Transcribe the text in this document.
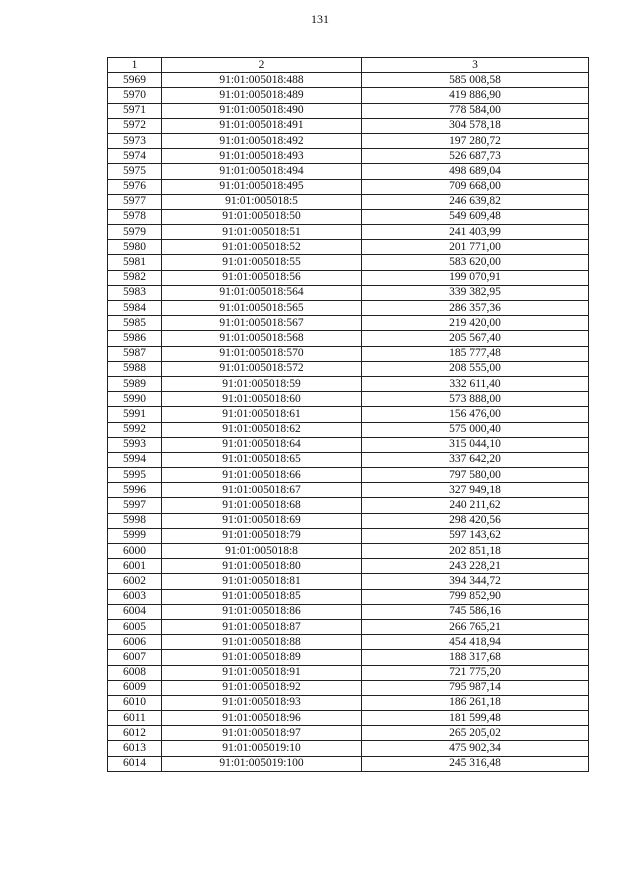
131
1	2	3
5969	91:01:005018:488	585 008,58
5970	91:01:005018:489	419 886,90
5971	91:01:005018:490	778 584,00
5972	91:01:005018:491	304 578,18
5973	91:01:005018:492	197 280,72
5974	91:01:005018:493	526 687,73
5975	91:01:005018:494	498 689,04
5976	91:01:005018:495	709 668,00
5977	91:01:005018:5	246 639,82
5978	91:01:005018:50	549 609,48
5979	91:01:005018:51	241 403,99
5980	91:01:005018:52	201 771,00
5981	91:01:005018:55	583 620,00
5982	91:01:005018:56	199 070,91
5983	91:01:005018:564	339 382,95
5984	91:01:005018:565	286 357,36
5985	91:01:005018:567	219 420,00
5986	91:01:005018:568	205 567,40
5987	91:01:005018:570	185 777,48
5988	91:01:005018:572	208 555,00
5989	91:01:005018:59	332 611,40
5990	91:01:005018:60	573 888,00
5991	91:01:005018:61	156 476,00
5992	91:01:005018:62	575 000,40
5993	91:01:005018:64	315 044,10
5994	91:01:005018:65	337 642,20
5995	91:01:005018:66	797 580,00
5996	91:01:005018:67	327 949,18
5997	91:01:005018:68	240 211,62
5998	91:01:005018:69	298 420,56
5999	91:01:005018:79	597 143,62
6000	91:01:005018:8	202 851,18
6001	91:01:005018:80	243 228,21
6002	91:01:005018:81	394 344,72
6003	91:01:005018:85	799 852,90
6004	91:01:005018:86	745 586,16
6005	91:01:005018:87	266 765,21
6006	91:01:005018:88	454 418,94
6007	91:01:005018:89	188 317,68
6008	91:01:005018:91	721 775,20
6009	91:01:005018:92	795 987,14
6010	91:01:005018:93	186 261,18
6011	91:01:005018:96	181 599,48
6012	91:01:005018:97	265 205,02
6013	91:01:005019:10	475 902,34
6014	91:01:005019:100	245 316,48
